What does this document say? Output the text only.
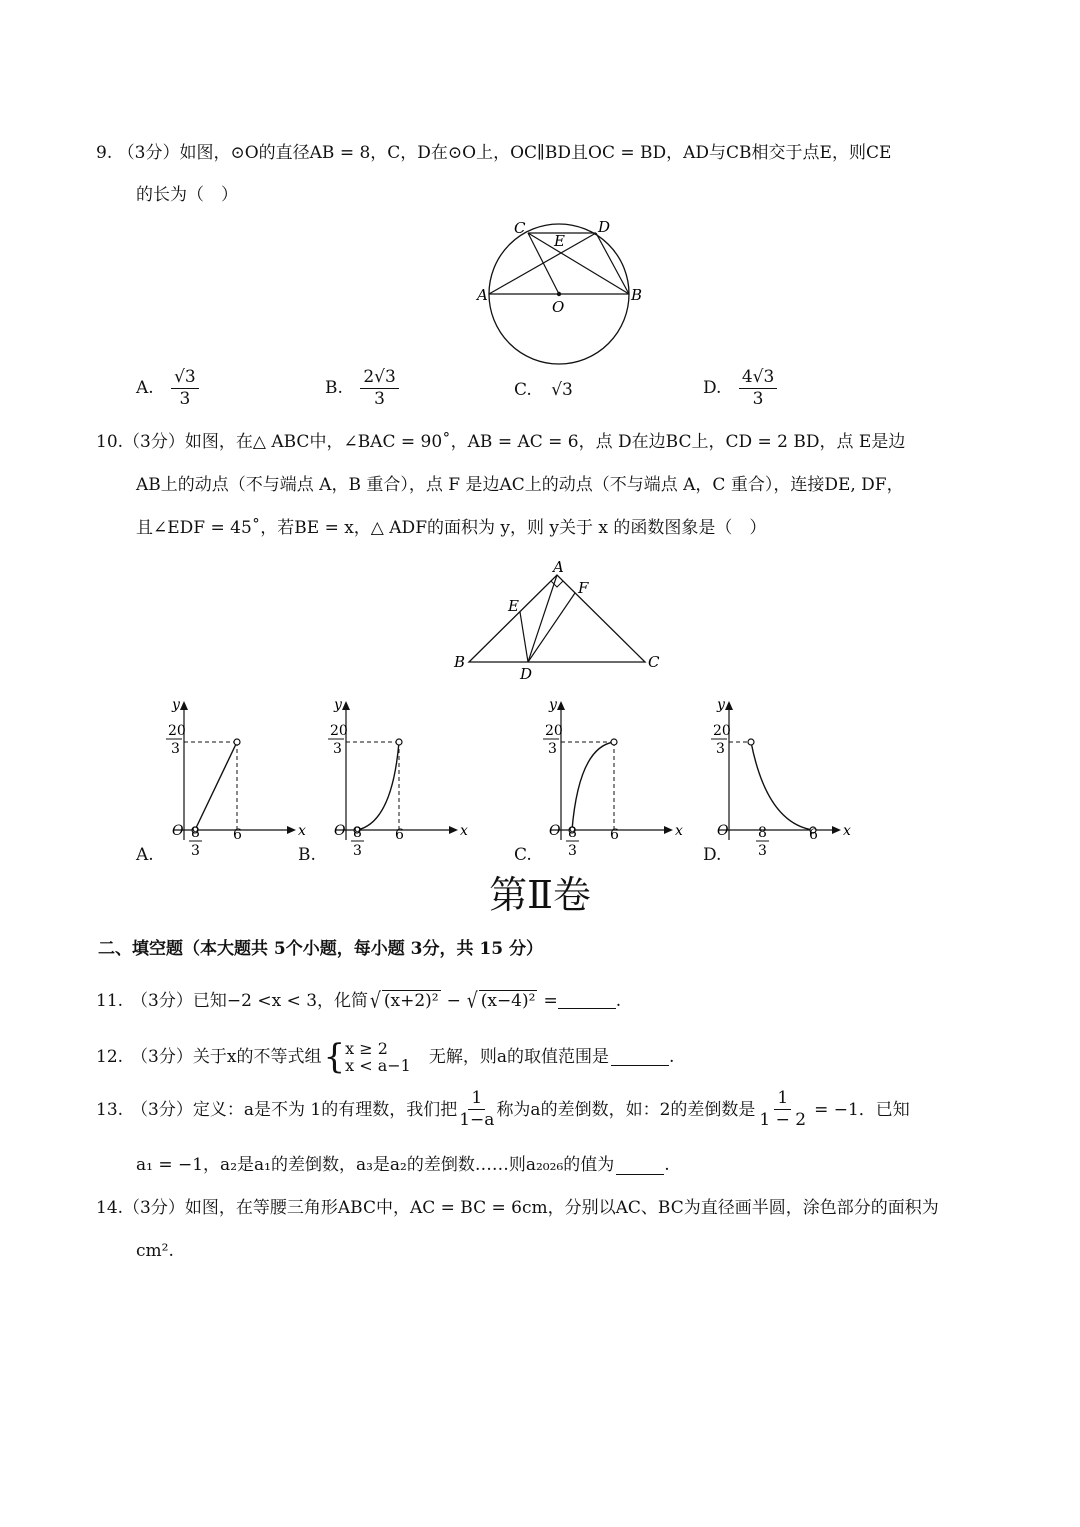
9. （3分）如图，⊙O的直径AB = 8，C，D在⊙O上，OC∥BD且OC = BD，AD与CB相交于点E，则CE
的长为（　）
C	D
E
A	B
O
A. $\frac{√3}{3}$	B. $\frac{2√3}{3}$	C. √3	D. $\frac{4√3}{3}$
10.（3分）如图，在△ ABC中，∠BAC = 90˚，AB = AC = 6，点 D在边BC上，CD = 2 BD，点 E是边
AB上的动点（不与端点 A，B 重合），点 F 是边AC上的动点（不与端点 A，C 重合），连接DE, DF，
且∠EDF = 45˚，若BE = x，△ ADF的面积为 y，则 y关于 x 的函数图象是（　）
A
B	C
D
E
F
y
x
O
20
3
8
3
6
A.
y
x
O
20
3
8
3
6
B.
y
x
O
20
3
8
3
6
C.
y
x
O
20
3
8
3
6
D.
第Ⅱ卷
二、填空题（本大题共 5个小题，每小题 3分，共 15 分）
11. （3分） 已知−2 <x < 3，化简 √ (x+2)² − √ (x−4)² =	.
12. （3分） 关于x的不等式组 { x ≥ 2
x < a−1 无解，则a的取值范围是	.
13. （3分） 定义：a是不为 1的有理数，我们把 $\frac{1}{1-a}$ 称为a的差倒数，如：2的差倒数是 $\frac{1}{1 - 2} = -1$．已知
a₁ = −1，a₂是a₁的差倒数，a₃是a₂的差倒数……则a₂₀₂₆的值为	.
14.（3分）如图，在等腰三角形ABC中，AC = BC = 6cm，分别以AC、BC为直径画半圆，涂色部分的面积为
cm².
